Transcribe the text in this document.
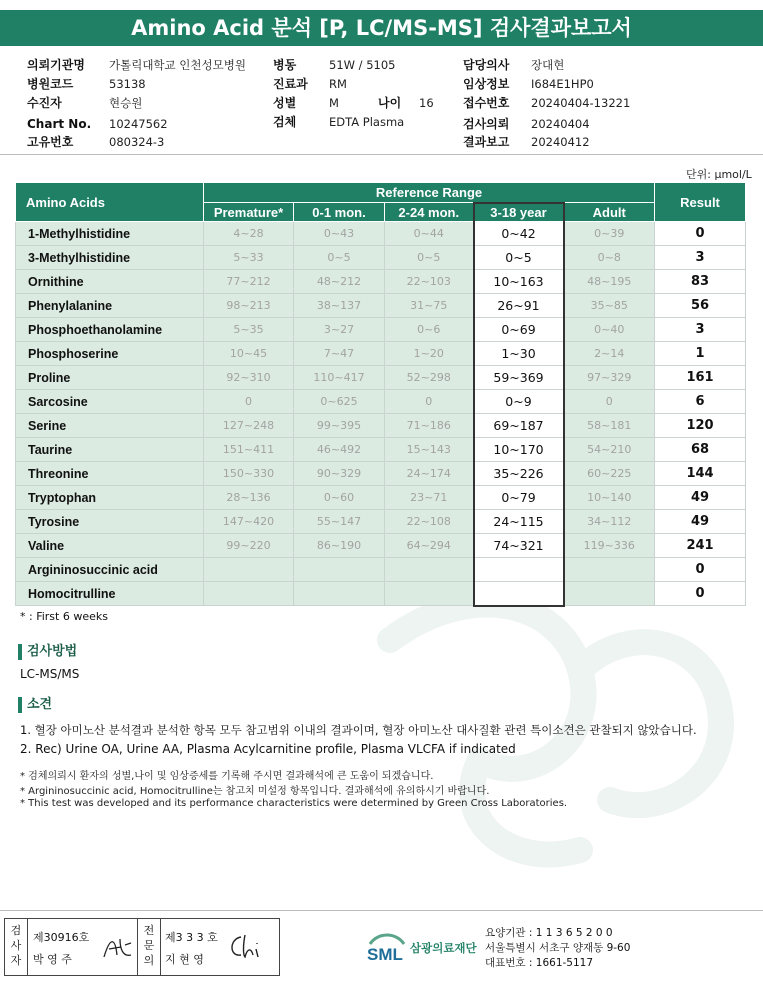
Amino Acid 분석 [P, LC/MS-MS] 검사결과보고서
의뢰기관명 가톨릭대학교 인천성모병원
병원코드	53138
수진자	현승원
Chart No. 10247562
고유번호	080324-3
병동	51W / 5105
진료과 RM
성별	M	나이 16
검체	EDTA Plasma
담당의사 장대현
임상정보 I684E1HP0
접수번호 20240404-13221
검사의뢰 20240404
결과보고 20240412
단위: μmol/L
Amino Acids	Reference Range					Result
	Premature*	0-1 mon.	2-24 mon.	3-18 year	Adult	
1-Methylhistidine	4~28	0~43	0~44	0~42	0~39	0
3-Methylhistidine	5~33	0~5	0~5	0~5	0~8	3
Ornithine	77~212	48~212	22~103	10~163	48~195	83
Phenylalanine	98~213	38~137	31~75	26~91	35~85	56
Phosphoethanolamine	5~35	3~27	0~6	0~69	0~40	3
Phosphoserine	10~45	7~47	1~20	1~30	2~14	1
Proline	92~310	110~417	52~298	59~369	97~329	161
Sarcosine	0	0~625	0	0~9	0	6
Serine	127~248	99~395	71~186	69~187	58~181	120
Taurine	151~411	46~492	15~143	10~170	54~210	68
Threonine	150~330	90~329	24~174	35~226	60~225	144
Tryptophan	28~136	0~60	23~71	0~79	10~140	49
Tyrosine	147~420	55~147	22~108	24~115	34~112	49
Valine	99~220	86~190	64~294	74~321	119~336	241
Argininosuccinic acid						0
Homocitrulline						0
* : First 6 weeks
검사방법
LC-MS/MS
소견
1. 혈장 아미노산 분석결과 분석한 항목 모두 참고범위 이내의 결과이며, 혈장 아미노산 대사질환 관련 특이소견은 관찰되지 않았습니다.
2. Rec) Urine OA, Urine AA, Plasma Acylcarnitine profile, Plasma VLCFA if indicated
* 검체의뢰시 환자의 성별,나이 및 임상증세를 기록해 주시면 결과해석에 큰 도움이 되겠습니다.
* Argininosuccinic acid, Homocitrulline는 참고치 미설정 항목입니다. 결과해석에 유의하시기 바랍니다.
* This test was developed and its performance characteristics were determined by Green Cross Laboratories.
검사자
제30916호
박 영 주
전문의
제3 3 3 호
지 현 영	SML 삼광의료재단
요양기관 : 1 1 3 6 5 2 0 0
서울특별시 서초구 양재동 9-60
대표번호 : 1661-5117
